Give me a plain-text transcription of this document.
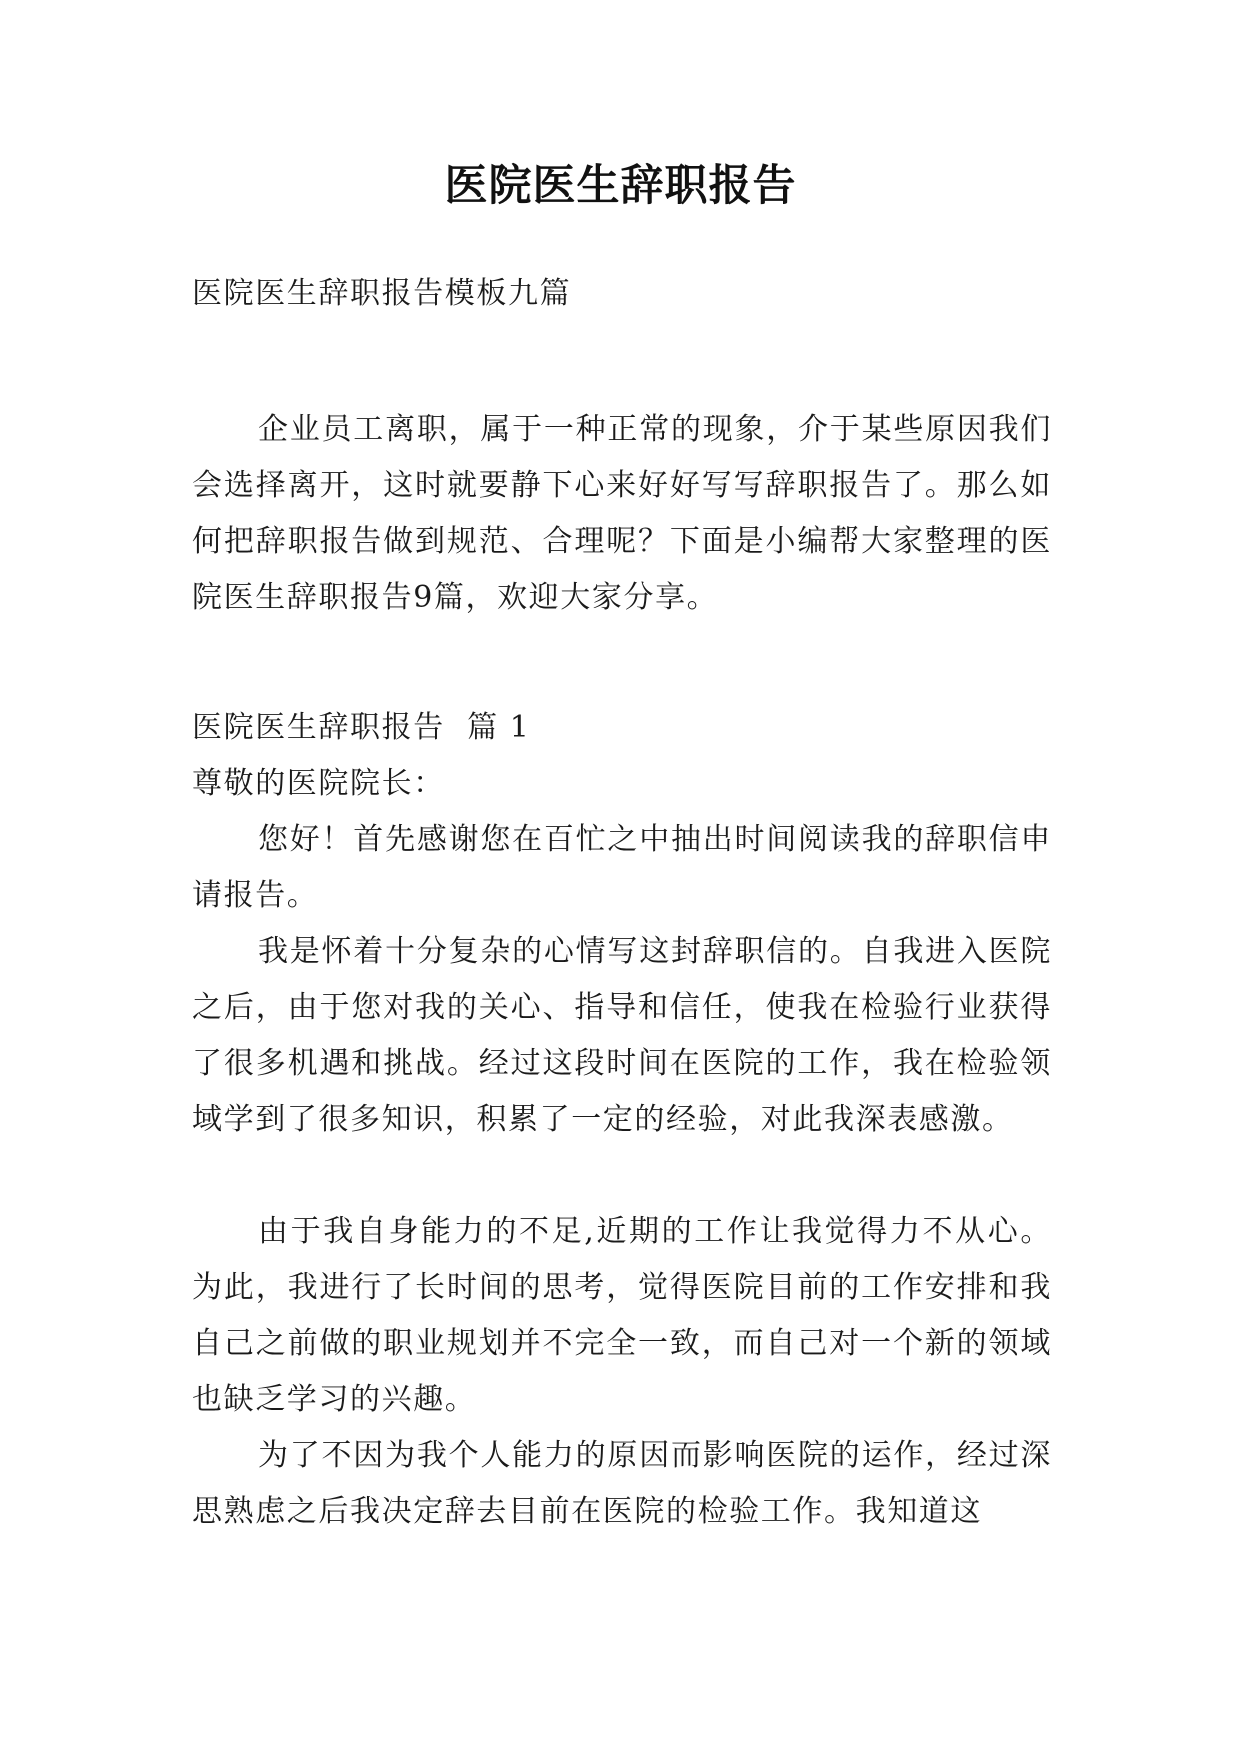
医院医生辞职报告

医院医生辞职报告模板九篇

企业员工离职，属于一种正常的现象，介于某些原因我们会选择离开，这时就要静下心来好好写写辞职报告了。那么如何把辞职报告做到规范、合理呢？下面是小编帮大家整理的医院医生辞职报告9篇，欢迎大家分享。

医院医生辞职报告  篇 1

尊敬的医院院长：

您好！首先感谢您在百忙之中抽出时间阅读我的辞职信申请报告。

我是怀着十分复杂的心情写这封辞职信的。自我进入医院之后，由于您对我的关心、指导和信任，使我在检验行业获得了很多机遇和挑战。经过这段时间在医院的工作，我在检验领域学到了很多知识，积累了一定的经验，对此我深表感激。

由于我自身能力的不足,近期的工作让我觉得力不从心。为此，我进行了长时间的思考，觉得医院目前的工作安排和我自己之前做的职业规划并不完全一致，而自己对一个新的领域也缺乏学习的兴趣。

为了不因为我个人能力的原因而影响医院的运作，经过深思熟虑之后我决定辞去目前在医院的检验工作。我知道这
